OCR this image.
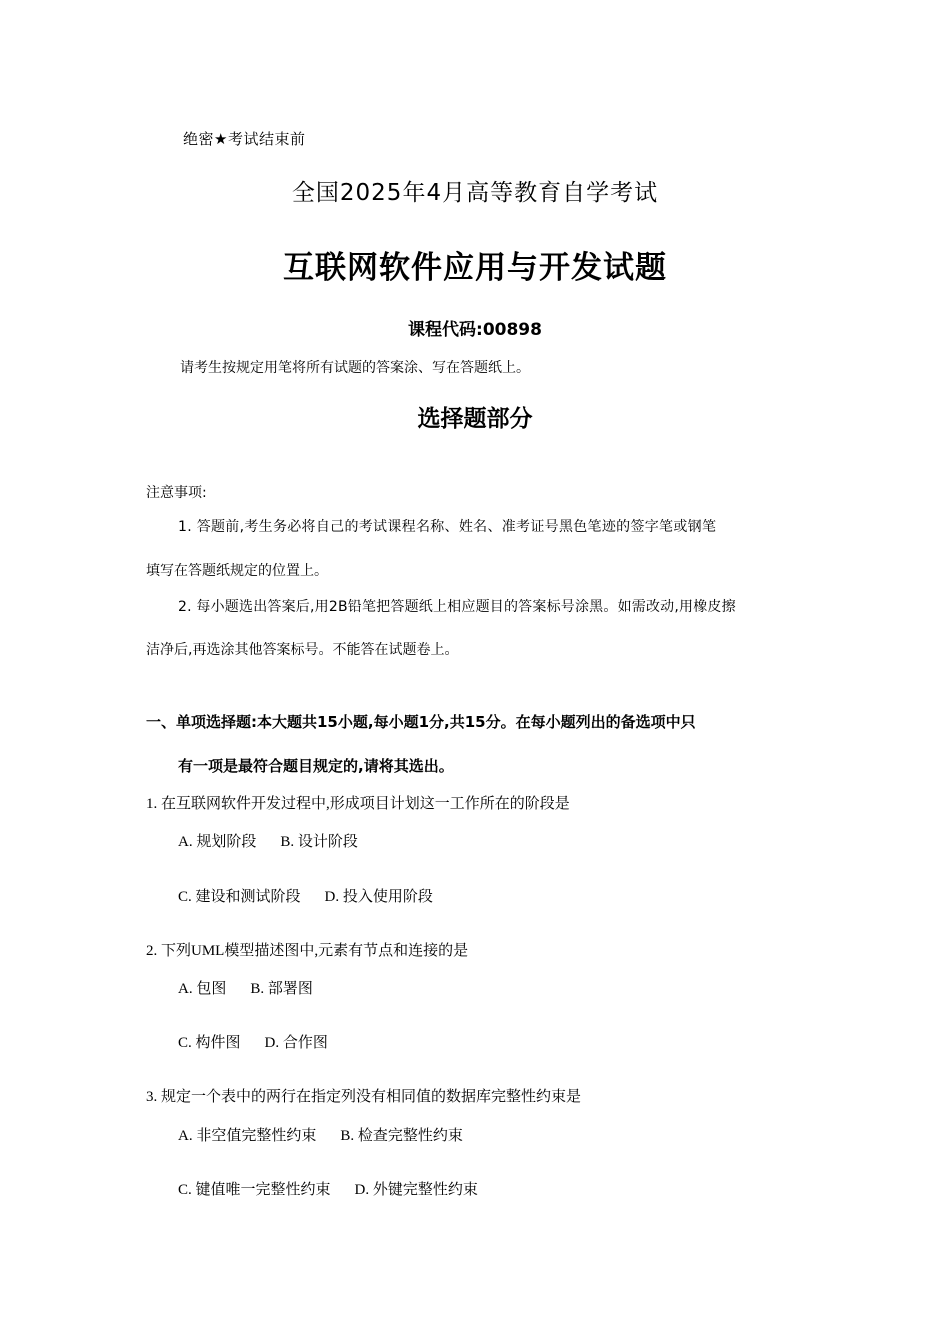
绝密★考试结束前
全国2025年4月高等教育自学考试
互联网软件应用与开发试题
课程代码:00898
请考生按规定用笔将所有试题的答案涂、写在答题纸上。
选择题部分
注意事项:
1. 答题前,考生务必将自己的考试课程名称、姓名、准考证号黑色笔迹的签字笔或钢笔
填写在答题纸规定的位置上。
2. 每小题选出答案后,用2B铅笔把答题纸上相应题目的答案标号涂黑。如需改动,用橡皮擦
洁净后,再选涂其他答案标号。不能答在试题卷上。
一、单项选择题:本大题共15小题,每小题1分,共15分。在每小题列出的备选项中只
有一项是最符合题目规定的,请将其选出。
1. 在互联网软件开发过程中,形成项目计划这一工作所在的阶段是
A. 规划阶段 B. 设计阶段
C. 建设和测试阶段 D. 投入使用阶段
2. 下列UML模型描述图中,元素有节点和连接的是
A. 包图 B. 部署图
C. 构件图 D. 合作图
3. 规定一个表中的两行在指定列没有相同值的数据库完整性约束是
A. 非空值完整性约束 B. 检查完整性约束
C. 键值唯一完整性约束 D. 外键完整性约束
